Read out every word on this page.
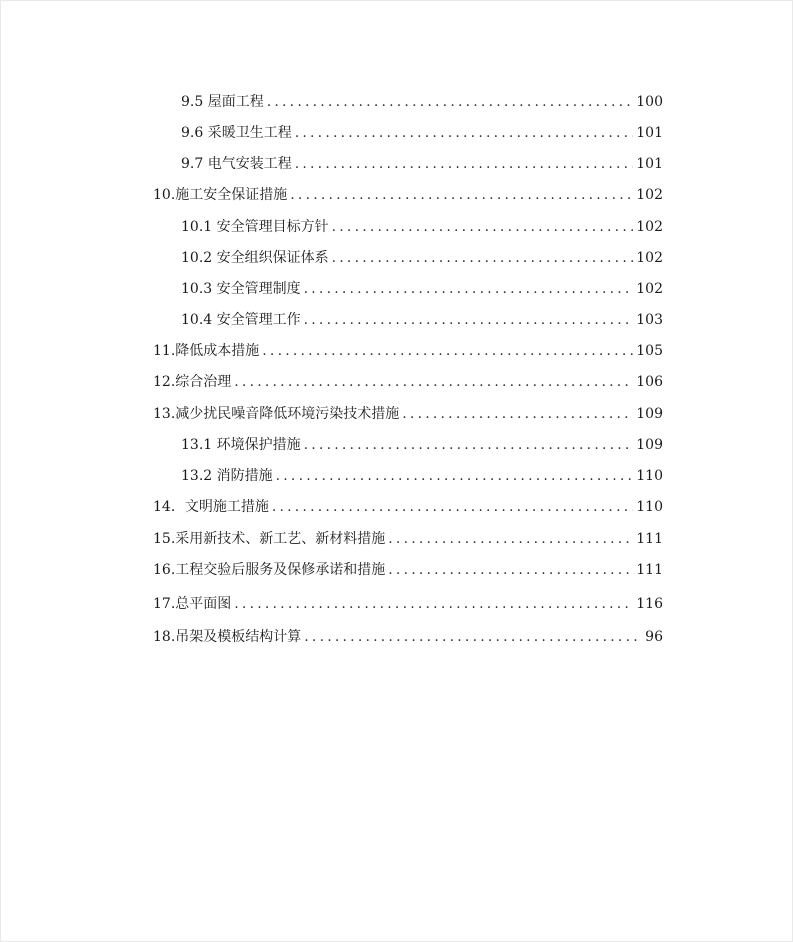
9.5 屋面工程 .....	100
9.6 采暖卫生工程 .....	101
9.7 电气安装工程 .....	101
10.施工安全保证措施 .....	102
10.1 安全管理目标方针 .....	102
10.2 安全组织保证体系 .....	102
10.3 安全管理制度 .....	102
10.4 安全管理工作 .....	103
11.降低成本措施 .....	105
12.综合治理 .....	106
13.减少扰民噪音降低环境污染技术措施 .....	109
13.1 环境保护措施 .....	109
13.2 消防措施 .....	110
14．文明施工措施 .....	110
15.采用新技术、新工艺、新材料措施 .....	111
16.工程交验后服务及保修承诺和措施 .....	111
17.总平面图 .....	116
18.吊架及模板结构计算 .....	96
